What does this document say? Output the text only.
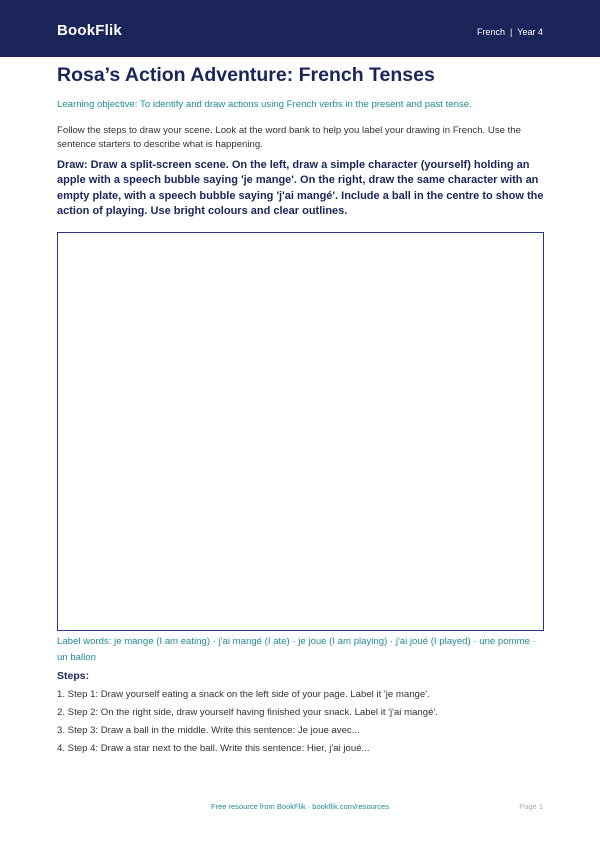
BookFlik	French | Year 4
Rosa’s Action Adventure: French Tenses
Learning objective: To identify and draw actions using French verbs in the present and past tense.
Follow the steps to draw your scene. Look at the word bank to help you label your drawing in French. Use the sentence starters to describe what is happening.
Draw: Draw a split-screen scene. On the left, draw a simple character (yourself) holding an apple with a speech bubble saying 'je mange'. On the right, draw the same character with an empty plate, with a speech bubble saying 'j'ai mangé'. Include a ball in the centre to show the action of playing. Use bright colours and clear outlines.
Label words: je mange (I am eating) · j'ai mangé (I ate) · je joue (I am playing) · j'ai joué (I played) · une pomme · un ballon
Steps:
1. Step 1: Draw yourself eating a snack on the left side of your page. Label it 'je mange'.
2. Step 2: On the right side, draw yourself having finished your snack. Label it 'j'ai mangé'.
3. Step 3: Draw a ball in the middle. Write this sentence: Je joue avec...
4. Step 4: Draw a star next to the ball. Write this sentence: Hier, j'ai joué...
Free resource from BookFlik · bookflik.com/resources	Page 1
